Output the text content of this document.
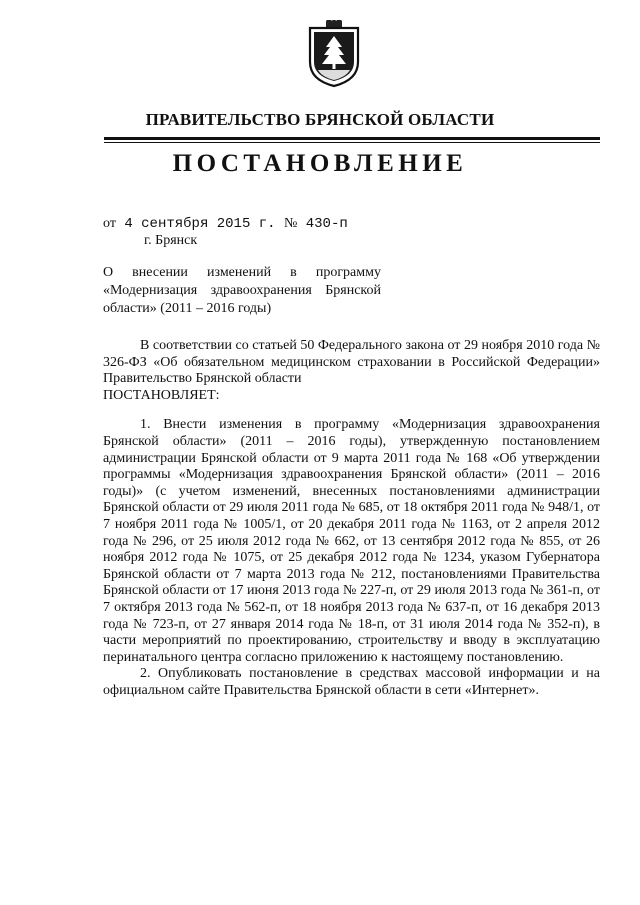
ПРАВИТЕЛЬСТВО БРЯНСКОЙ ОБЛАСТИ
ПОСТАНОВЛЕНИЕ
от 4 сентября 2015 г. № 430-п
г. Брянск
О внесении изменений в программу «Модернизация здравоохранения Брянской области» (2011 – 2016 годы)

В соответствии со статьей 50 Федерального закона от 29 ноября 2010 года № 326-ФЗ «Об обязательном медицинском страховании в Российской Федерации» Правительство Брянской области

ПОСТАНОВЛЯЕТ:

1. Внести изменения в программу «Модернизация здравоохранения Брянской области» (2011 – 2016 годы), утвержденную постановлением администрации Брянской области от 9 марта 2011 года № 168 «Об утверждении программы «Модернизация здравоохранения Брянской области» (2011 – 2016 годы)» (с учетом изменений, внесенных постановлениями администрации Брянской области от 29 июля 2011 года № 685, от 18 октября 2011 года № 948/1, от 7 ноября 2011 года № 1005/1, от 20 декабря 2011 года № 1163, от 2 апреля 2012 года № 296, от 25 июля 2012 года № 662, от 13 сентября 2012 года № 855, от 26 ноября 2012 года № 1075, от 25 декабря 2012 года № 1234, указом Губернатора Брянской области от 7 марта 2013 года № 212, постановлениями Правительства Брянской области от 17 июня 2013 года № 227-п, от 29 июля 2013 года № 361-п, от 7 октября 2013 года № 562-п, от 18 ноября 2013 года № 637-п, от 16 декабря 2013 года № 723-п, от 27 января 2014 года № 18-п, от 31 июля 2014 года № 352-п), в части мероприятий по проектированию, строительству и вводу в эксплуатацию перинатального центра согласно приложению к настоящему постановлению.

2. Опубликовать постановление в средствах массовой информации и на официальном сайте Правительства Брянской области в сети «Интернет».
